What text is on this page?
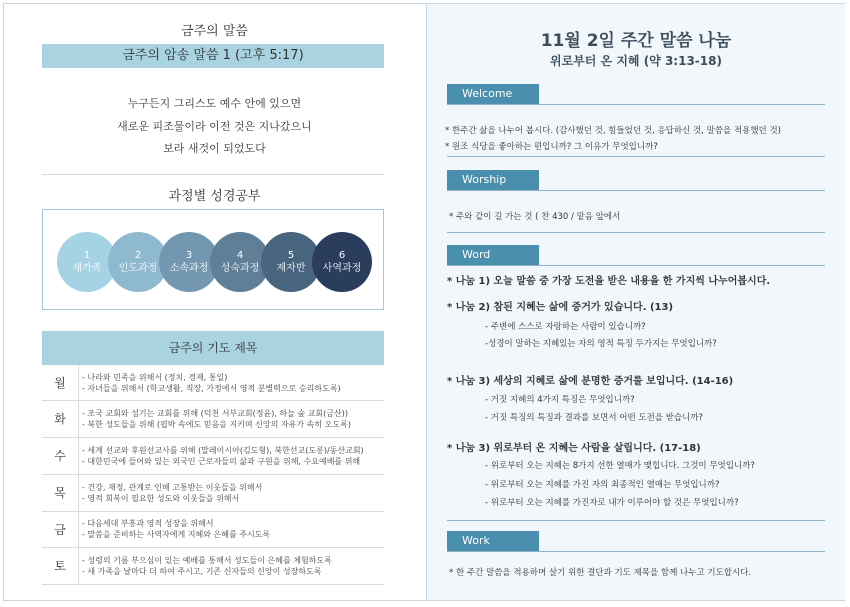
금주의 말씀
금주의 암송 말씀 1 (고후 5:17)
누구든지 그리스도 예수 안에 있으면
새로운 피조물이라 이전 것은 지나갔으니
보라 새것이 되었도다
과정별 성경공부
1
새가족
2
인도과정
3
소속과정
4
성숙과정
5
제자반
6
사역과정
금주의 기도 제목
월	- 나라와 민족을 위해서 (정치, 경제, 통일)
- 자녀들을 위해서 (학교생활, 직장, 가정에서 영적 분별력으로 승리하도록)
화	- 조국 교회와 섬기는 교회를 위해 (덕천 서부교회(정윤), 하늘 숲 교회(금산))
- 북한 성도들을 위해 (핍박 속에도 믿음을 지키며 신앙의 자유가 속히 오도록)
수	- 세계 선교와 후원선교사를 위해 (말레이시아(김도형), 북한선교(도롱)/동산교회)
- 대한민국에 들어와 있는 외국인 근로자들의 삶과 구원을 위해, 수요예배를 위해
목	- 건강, 재정, 관계로 인해 고통받는 이웃들을 위해서
- 영적 회복이 필요한 성도와 이웃들을 위해서
금	- 다음세대 부흥과 영적 성장을 위해서
- 말씀을 준비하는 사역자에게 지혜와 은혜를 주시도록
토	- 성령의 기름 부으심이 있는 예배를 통해서 성도들이 은혜를 체험하도록
- 새 가족을 날마다 더 하여 주시고, 기존 신자들의 신앙이 성장하도록
11월 2일 주간 말씀 나눔
위로부터 온 지혜 (약 3:13-18)
Welcome
* 한주간 삶을 나누어 봅시다. (감사했던 것, 힘들었던 것, 응답하신 것, 말씀을 적용했던 것)
* 원조 식당을 좋아하는 편입니까? 그 이유가 무엇입니까?
Worship
* 주와 같이 길 가는 것 ( 찬 430 / 맡음 앞에서
Word
* 나눔 1) 오늘 말씀 중 가장 도전을 받은 내용을 한 가지씩 나누어봅시다.
* 나눔 2) 참된 지혜는 삶에 증거가 있습니다. (13)
- 주변에 스스로 자랑하는 사람이 있습니까?
-성경이 말하는 지혜있는 자의 영적 특징 두가지는 무엇입니까?
* 나눔 3) 세상의 지혜로 삶에 분명한 증거를 보입니다. (14-16)
- 거짓 지혜의 4가지 특징은 무엇입니까?
- 거짓 특징의 특징과 결과를 보면서 어떤 도전을 받습니까?
* 나눔 3) 위로부터 온 지혜는 사람을 살립니다. (17-18)
- 위로부터 오는 지혜는 8가지 선한 열매가 맺힙니다. 그것이 무엇입니까?
- 위로부터 오는 지혜를 가진 자의 최종적인 열매는 무엇입니까?
- 위로부터 오는 지혜를 가진자로 내가 이루어야 할 것은 무엇입니까?
Work
* 한 주간 말씀을 적용하며 살기 위한 결단과 기도 제목을 함께 나누고 기도합시다.
